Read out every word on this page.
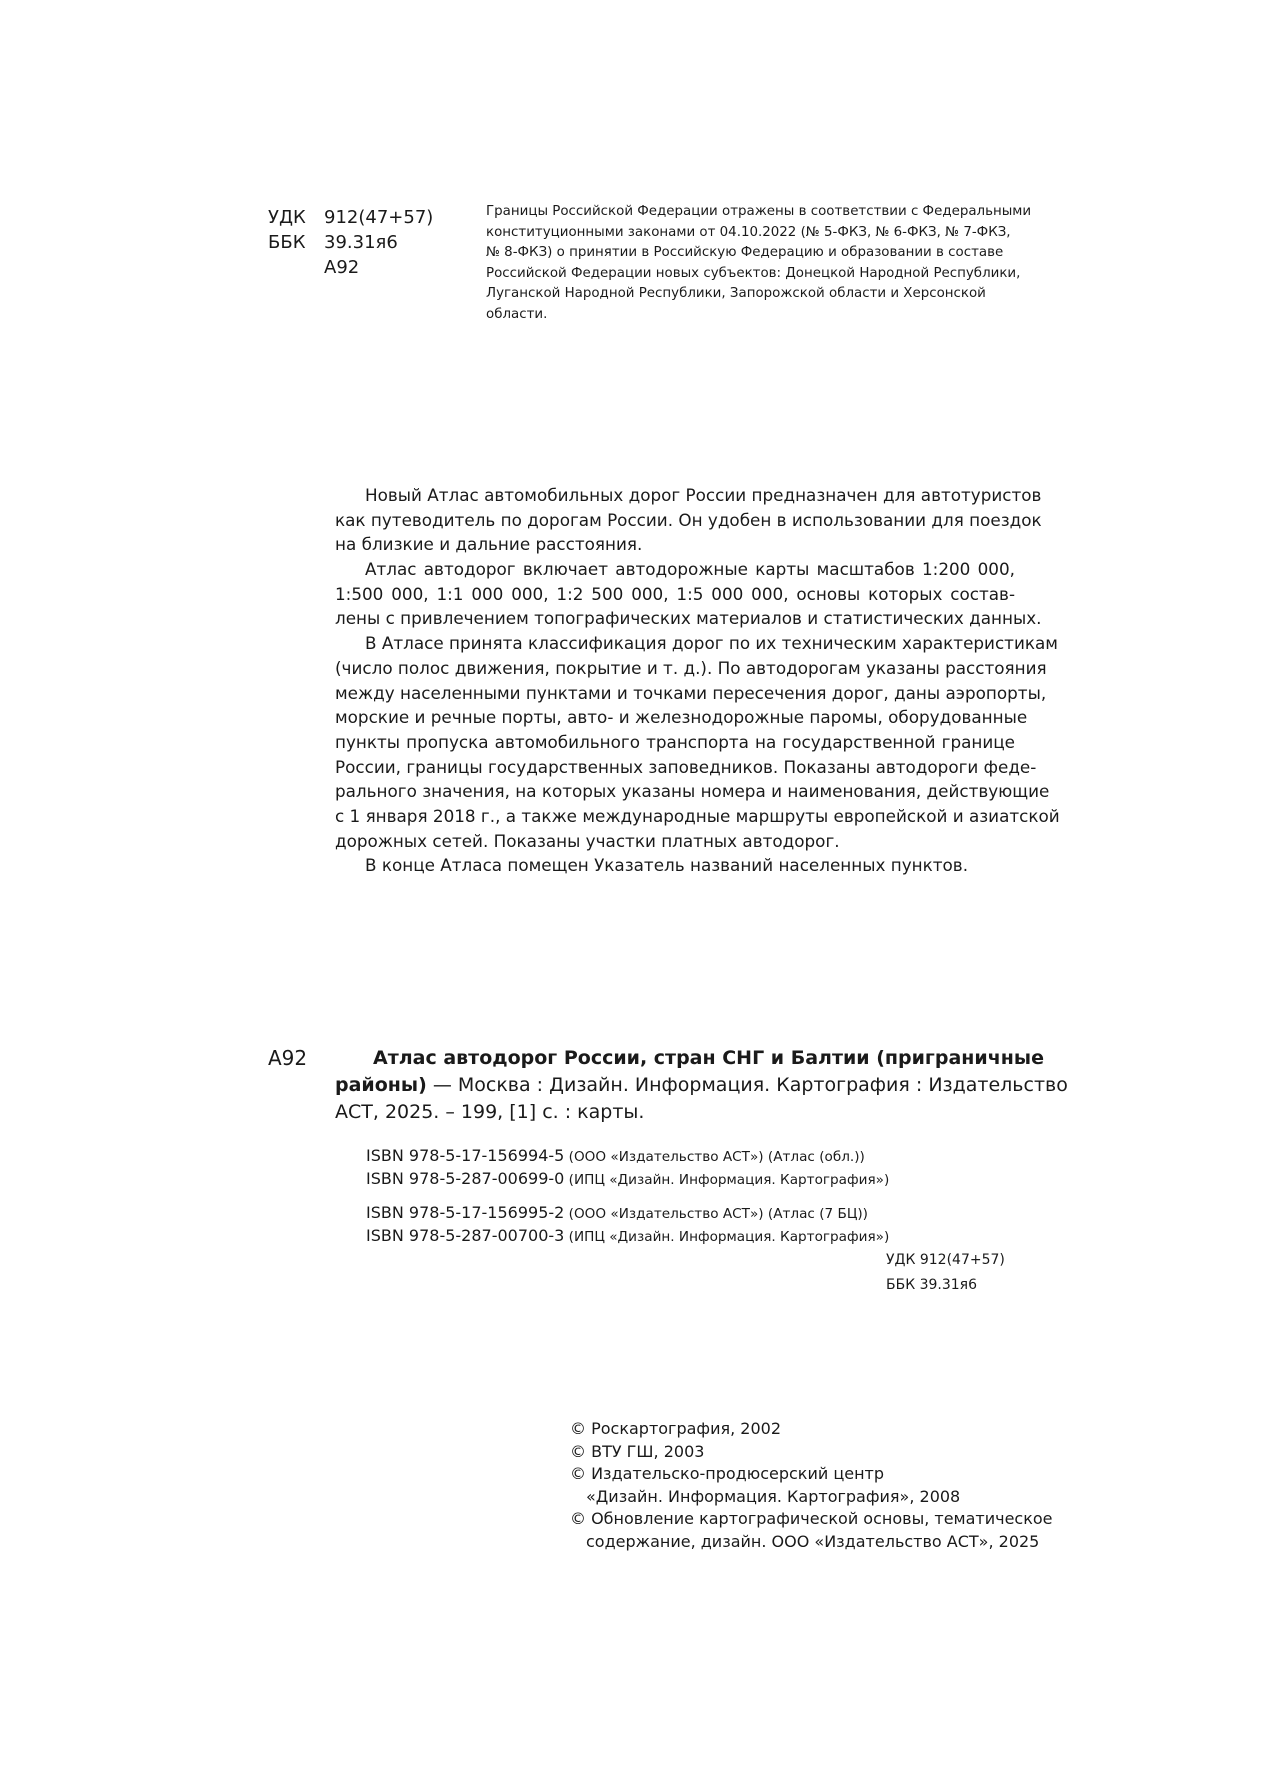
УДК	912(47+57)
ББК	39.31я6
А92
Границы Российской Федерации отражены в соответствии с Федеральными
конституционными законами от 04.10.2022 (№ 5-ФКЗ, № 6-ФКЗ, № 7-ФКЗ,
№ 8-ФКЗ) о принятии в Российскую Федерацию и образовании в составе
Российской Федерации новых субъектов: Донецкой Народной Республики,
Луганской Народной Республики, Запорожской области и Херсонской
области.
Новый Атлас автомобильных дорог России предназначен для автотуристов
как путеводитель по дорогам России. Он удобен в использовании для поездок
на близкие и дальние расстояния.
Атлас автодорог включает автодорожные карты масштабов 1:200 000,
1:500 000, 1:1 000 000, 1:2 500 000, 1:5 000 000, основы которых состав-
лены с привлечением топографических материалов и статистических данных.
В Атласе принята классификация дорог по их техническим характеристикам
(число полос движения, покрытие и т. д.). По автодорогам указаны расстояния
между населенными пунктами и точками пересечения дорог, даны аэропорты,
морские и речные порты, авто- и железнодорожные паромы, оборудованные
пункты пропуска автомобильного транспорта на государственной границе
России, границы государственных заповедников. Показаны автодороги феде-
рального значения, на которых указаны номера и наименования, действующие
с 1 января 2018 г., а также международные маршруты европейской и азиатской
дорожных сетей. Показаны участки платных автодорог.
В конце Атласа помещен Указатель названий населенных пунктов.
А92	Атлас автодорог России, стран СНГ и Балтии (приграничные
районы) — Москва : Дизайн. Информация. Картография : Издательство
АСТ, 2025. – 199, [1] с. : карты.
ISBN 978-5-17-156994-5 (ООО «Издательство АСТ») (Атлас (обл.))
ISBN 978-5-287-00699-0 (ИПЦ «Дизайн. Информация. Картография»)
ISBN 978-5-17-156995-2 (ООО «Издательство АСТ») (Атлас (7 БЦ))
ISBN 978-5-287-00700-3 (ИПЦ «Дизайн. Информация. Картография»)
УДК 912(47+57)
ББК 39.31я6
© Роскартография, 2002
© ВТУ ГШ, 2003
© Издательско-продюсерский центр
«Дизайн. Информация. Картография», 2008
© Обновление картографической основы, тематическое
содержание, дизайн. ООО «Издательство АСТ», 2025
